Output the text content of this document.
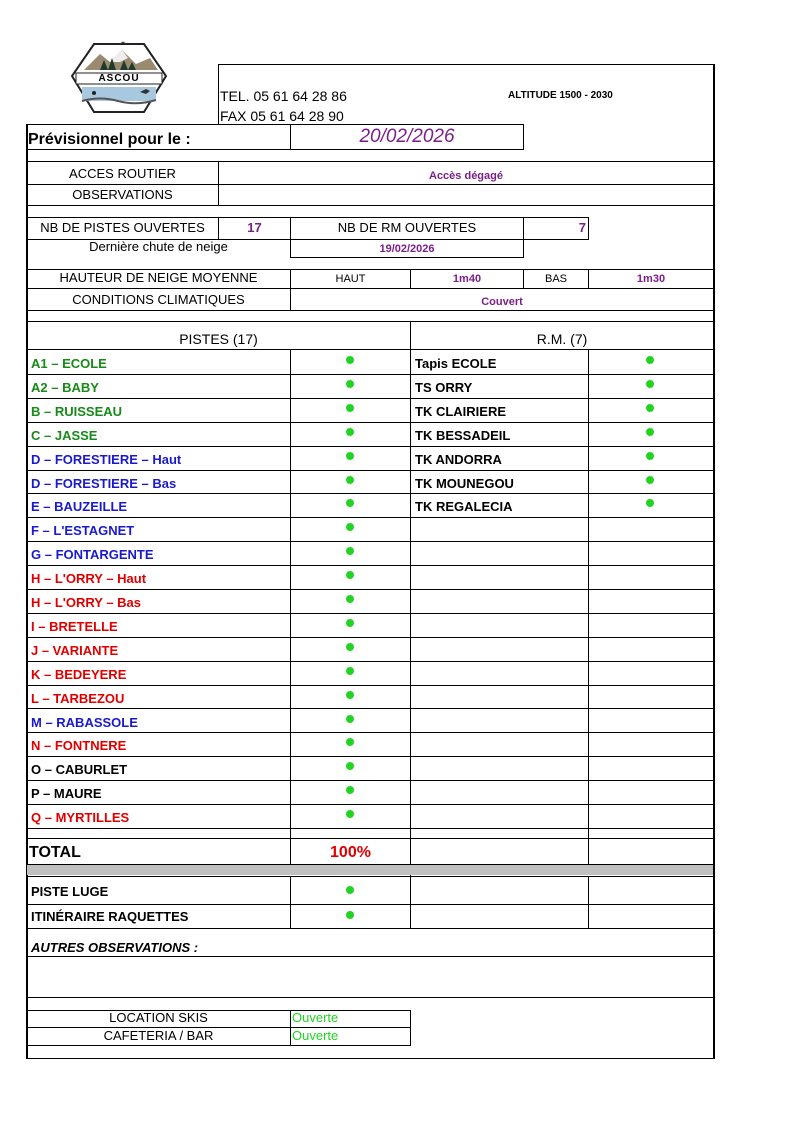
ASCOU
TEL. 05 61 64 28 86
FAX 05 61 64 28 90
ALTITUDE 1500 - 2030
Prévisionnel pour le :	20/02/2026
ACCES ROUTIER	Accès dégagé
OBSERVATIONS
NB DE PISTES OUVERTES	17	NB DE RM OUVERTES	7
Dernière chute de neige	19/02/2026
HAUTEUR DE NEIGE MOYENNE	HAUT	1m40	BAS	1m30
CONDITIONS CLIMATIQUES	Couvert
PISTES (17)	R.M. (7)
A1 – ECOLE	Tapis ECOLE
A2 – BABY	TS ORRY
B – RUISSEAU	TK CLAIRIERE
C – JASSE	TK BESSADEIL
D – FORESTIERE – Haut	TK ANDORRA
D – FORESTIERE – Bas	TK MOUNEGOU
E – BAUZEILLE	TK REGALECIA
F – L'ESTAGNET
G – FONTARGENTE
H – L'ORRY – Haut
H – L'ORRY – Bas
I – BRETELLE
J – VARIANTE
K – BEDEYERE
L – TARBEZOU
M – RABASSOLE
N – FONTNERE
O – CABURLET
P – MAURE
Q – MYRTILLES
TOTAL	100%
PISTE LUGE
ITINÉRAIRE RAQUETTES
AUTRES OBSERVATIONS :
LOCATION SKIS	Ouverte
CAFETERIA / BAR	Ouverte
